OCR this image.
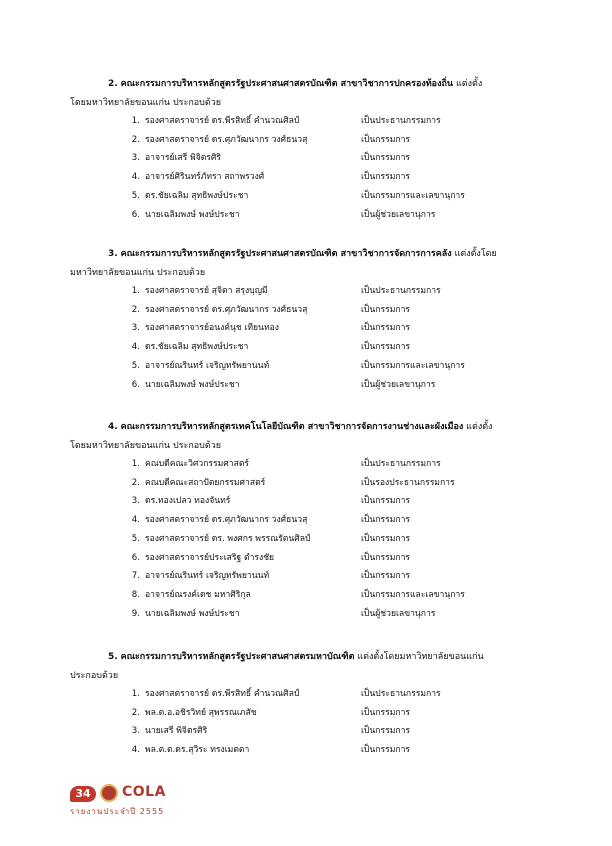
2. คณะกรรมการบริหารหลักสูตรรัฐประศาสนศาสตรบัณฑิต สาขาวิชาการปกครองท้องถิ่น แต่งตั้ง
โดยมหาวิทยาลัยขอนแก่น ประกอบด้วย
1. รองศาสตราจารย์ ดร.พีรสิทธิ์ คำนวณศิลป์	เป็นประธานกรรมการ
2. รองศาสตราจารย์ ดร.ศุภวัฒนากร วงศ์ธนวสุ	เป็นกรรมการ
3. อาจารย์เสรี พิจิตรศิริ	เป็นกรรมการ
4. อาจารย์ศิรินทร์ภัทรา สถาพรวงศ์	เป็นกรรมการ
5. ดร.ชัยเฉลิม สุทธิพงษ์ประชา	เป็นกรรมการและเลขานุการ
6. นายเฉลิมพงษ์ พงษ์ประชา	เป็นผู้ช่วยเลขานุการ
3. คณะกรรมการบริหารหลักสูตรรัฐประศาสนศาสตรบัณฑิต สาขาวิชาการจัดการการคลัง แต่งตั้งโดย
มหาวิทยาลัยขอนแก่น ประกอบด้วย
1. รองศาสตราจารย์ สุจิตา สรุงบุญมี	เป็นประธานกรรมการ
2. รองศาสตราจารย์ ดร.ศุภวัฒนากร วงศ์ธนวสุ	เป็นกรรมการ
3. รองศาสตราจารย์อนงค์นุช เทียนทอง	เป็นกรรมการ
4. ดร.ชัยเฉลิม สุทธิพงษ์ประชา	เป็นกรรมการ
5. อาจารย์ณรินทร์ เจริญทรัพยานนท์	เป็นกรรมการและเลขานุการ
6. นายเฉลิมพงษ์ พงษ์ประชา	เป็นผู้ช่วยเลขานุการ
4. คณะกรรมการบริหารหลักสูตรเทคโนโลยีบัณฑิต สาขาวิชาการจัดการงานช่างและผังเมือง แต่งตั้ง
โดยมหาวิทยาลัยขอนแก่น ประกอบด้วย
1. คณบดีคณะวิศวกรรมศาสตร์	เป็นประธานกรรมการ
2. คณบดีคณะสถาปัตยกรรมศาสตร์	เป็นรองประธานกรรมการ
3. ดร.ทองเปลว ทองจันทร์	เป็นกรรมการ
4. รองศาสตราจารย์ ดร.ศุภวัฒนากร วงศ์ธนวสุ	เป็นกรรมการ
5. รองศาสตราจารย์ ดร. พงศกร พรรณรัตนศิลป์	เป็นกรรมการ
6. รองศาสตราจารย์ประเสริฐ ตำรงชัย	เป็นกรรมการ
7. อาจารย์ณรินทร์ เจริญทรัพยานนท์	เป็นกรรมการ
8. อาจารย์ณรงค์เดช มหาศิริกุล	เป็นกรรมการและเลขานุการ
9. นายเฉลิมพงษ์ พงษ์ประชา	เป็นผู้ช่วยเลขานุการ
5. คณะกรรมการบริหารหลักสูตรรัฐประศาสนศาสตรมหาบัณฑิต แต่งตั้งโดยมหาวิทยาลัยขอนแก่น
ประกอบด้วย
1. รองศาสตราจารย์ ดร.พีรสิทธิ์ คำนวณศิลป์	เป็นประธานกรรมการ
2. พล.ต.อ.อชิรวิทย์ สุพรรณเภสัช	เป็นกรรมการ
3. นายเสรี พิจิตรศิริ	เป็นกรรมการ
4. พล.ต.ต.ดร.สุวิระ ทรงเมตตา	เป็นกรรมการ
34	COLA
รายงานประจำปี 2555
